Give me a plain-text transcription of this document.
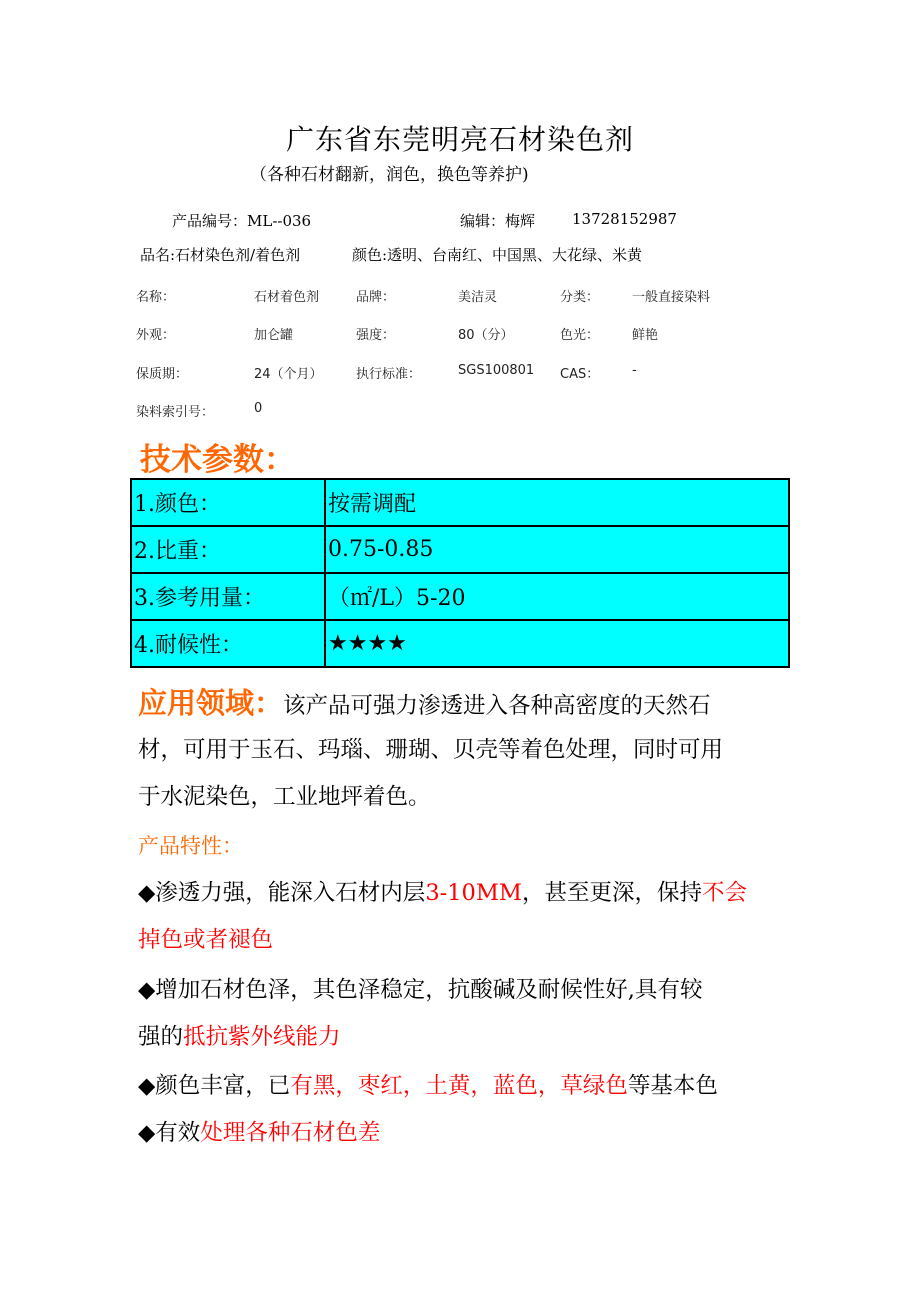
广东省东莞明亮石材染色剂
（各种石材翻新，润色，换色等养护)
产品编号：ML--036	编辑：梅辉 13728152987
品名:石材染色剂/着色剂	颜色:透明、台南红、中国黑、大花绿、米黄
名称：	石材着色剂	品牌：	美洁灵	分类：	一般直接染料
外观：	加仑罐	强度：	80（分）	色光：	鲜艳
保质期：	24（个月）	执行标准：	SGS100801 CAS：	-
染料索引号：	0
技术参数：
1.颜色：	按需调配
2.比重：	0.75-0.85
3.参考用量：	（㎡/L）5-20
4.耐候性：	★★★★
应用领域：该产品可强力渗透进入各种高密度的天然石
材，可用于玉石、玛瑙、珊瑚、贝壳等着色处理，同时可用
于水泥染色，工业地坪着色。
产品特性：
◆渗透力强，能深入石材内层3-10MM，甚至更深，保持不会
掉色或者褪色
◆增加石材色泽，其色泽稳定，抗酸碱及耐候性好,具有较
强的抵抗紫外线能力
◆颜色丰富，已有黑，枣红，土黄，蓝色，草绿色等基本色
◆有效处理各种石材色差
